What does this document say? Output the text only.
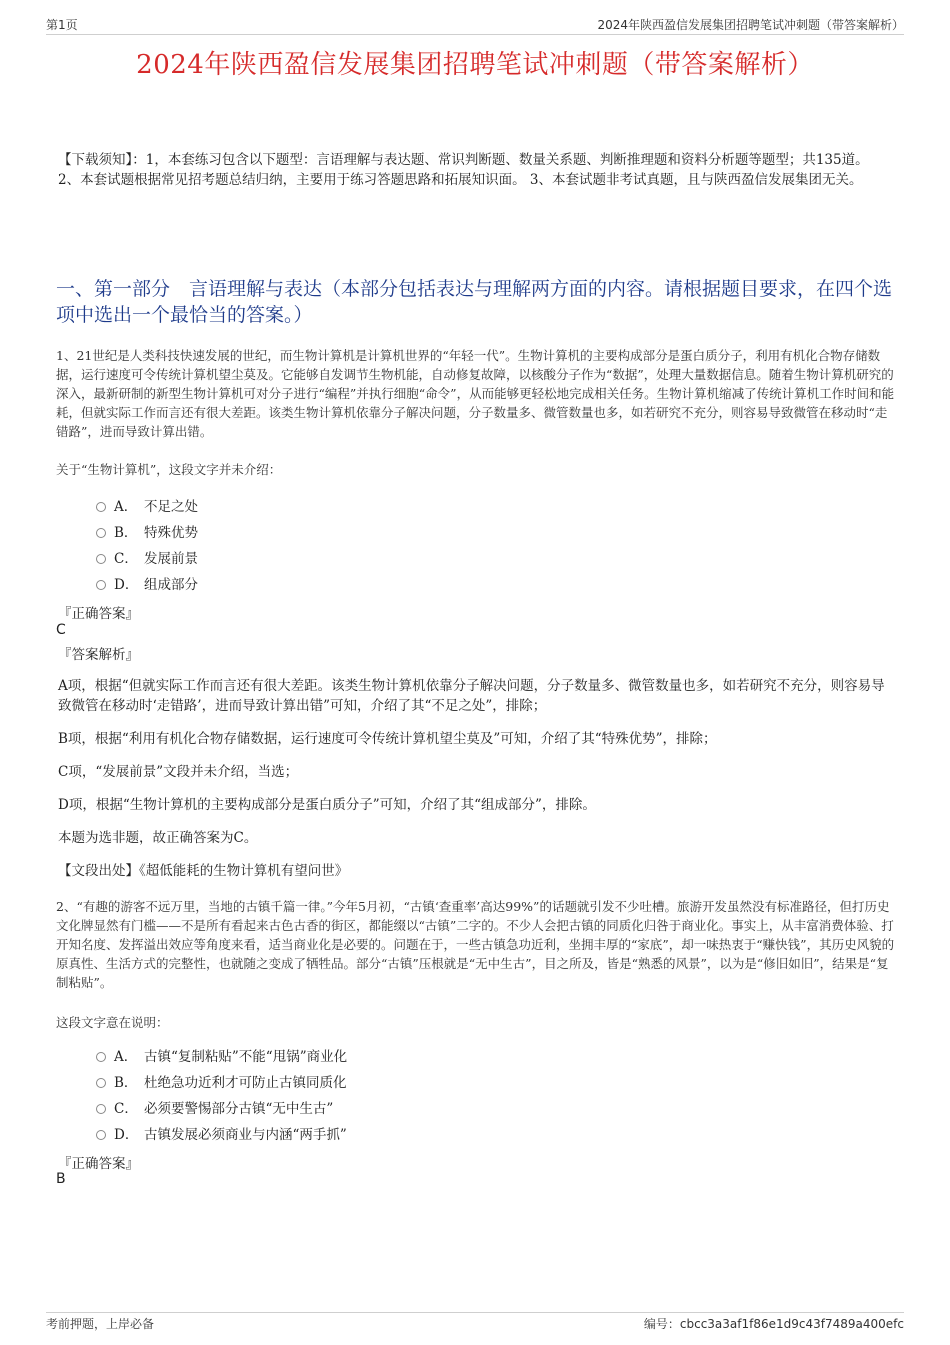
第1页	2024年陕西盈信发展集团招聘笔试冲刺题（带答案解析）
2024年陕西盈信发展集团招聘笔试冲刺题（带答案解析）
【下载须知】：1，本套练习包含以下题型：言语理解与表达题、常识判断题、数量关系题、判断推理题和资料分析题等题型；共135道。 2、本套试题根据常见招考题总结归纳，主要用于练习答题思路和拓展知识面。 3、本套试题非考试真题，且与陕西盈信发展集团无关。
一、第一部分　言语理解与表达（本部分包括表达与理解两方面的内容。请根据题目要求，在四个选项中选出一个最恰当的答案。）
1、21世纪是人类科技快速发展的世纪，而生物计算机是计算机世界的“年轻一代”。生物计算机的主要构成部分是蛋白质分子，利用有机化合物存储数据，运行速度可令传统计算机望尘莫及。它能够自发调节生物机能，自动修复故障，以核酸分子作为“数据”，处理大量数据信息。随着生物计算机研究的深入，最新研制的新型生物计算机可对分子进行“编程”并执行细胞“命令”，从而能够更轻松地完成相关任务。生物计算机缩减了传统计算机工作时间和能耗，但就实际工作而言还有很大差距。该类生物计算机依靠分子解决问题，分子数量多、微管数量也多，如若研究不充分，则容易导致微管在移动时“走错路”，进而导致计算出错。
关于“生物计算机”，这段文字并未介绍：
A． 不足之处
B． 特殊优势
C． 发展前景
D． 组成部分
『正确答案』
C
『答案解析』
A项，根据“但就实际工作而言还有很大差距。该类生物计算机依靠分子解决问题，分子数量多、微管数量也多，如若研究不充分，则容易导致微管在移动时‘走错路’，进而导致计算出错”可知，介绍了其“不足之处”，排除；
B项，根据“利用有机化合物存储数据，运行速度可令传统计算机望尘莫及”可知，介绍了其“特殊优势”，排除；
C项，“发展前景”文段并未介绍，当选；
D项，根据“生物计算机的主要构成部分是蛋白质分子”可知，介绍了其“组成部分”，排除。
本题为选非题，故正确答案为C。
【文段出处】《超低能耗的生物计算机有望问世》
2、“有趣的游客不远万里，当地的古镇千篇一律。”今年5月初，“古镇‘查重率’高达99%”的话题就引发不少吐槽。旅游开发虽然没有标准路径，但打历史文化牌显然有门槛——不是所有看起来古色古香的街区，都能缀以“古镇”二字的。不少人会把古镇的同质化归咎于商业化。事实上，从丰富消费体验、打开知名度、发挥溢出效应等角度来看，适当商业化是必要的。问题在于，一些古镇急功近利，坐拥丰厚的“家底”，却一味热衷于“赚快钱”，其历史风貌的原真性、生活方式的完整性，也就随之变成了牺牲品。部分“古镇”压根就是“无中生古”，目之所及，皆是“熟悉的风景”，以为是“修旧如旧”，结果是“复制粘贴”。
这段文字意在说明：
A． 古镇“复制粘贴”不能“甩锅”商业化
B． 杜绝急功近利才可防止古镇同质化
C． 必须要警惕部分古镇“无中生古”
D． 古镇发展必须商业与内涵“两手抓”
『正确答案』
B
考前押题，上岸必备	编号：cbcc3a3af1f86e1d9c43f7489a400efc
